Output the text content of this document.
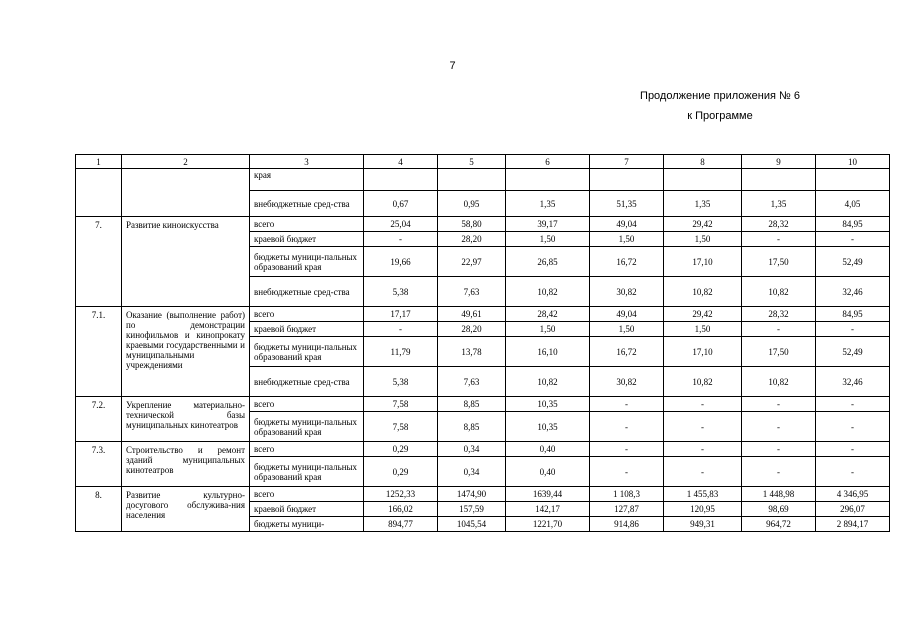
7
Продолжение приложения № 6
к Программе
1	2	3	4	5	6	7	8	9	10
		края							
		внебюджетные сред-ства	0,67	0,95	1,35	51,35	1,35	1,35	4,05
7.	Развитие киноискусства	всего	25,04	58,80	39,17	49,04	29,42	28,32	84,95
		краевой бюджет	-	28,20	1,50	1,50	1,50	-	-
		бюджеты муници-пальных образований края	19,66	22,97	26,85	16,72	17,10	17,50	52,49
		внебюджетные сред-ства	5,38	7,63	10,82	30,82	10,82	10,82	32,46
7.1.	Оказание (выполнение работ) по демонстрации кинофильмов и кинопрокату краевыми государственными и муниципальными учреждениями	всего	17,17	49,61	28,42	49,04	29,42	28,32	84,95
		краевой бюджет	-	28,20	1,50	1,50	1,50	-	-
		бюджеты муници-пальных образований края	11,79	13,78	16,10	16,72	17,10	17,50	52,49
		внебюджетные сред-ства	5,38	7,63	10,82	30,82	10,82	10,82	32,46
7.2.	Укрепление материально-технической базы муниципальных кинотеатров	всего	7,58	8,85	10,35	-	-	-	-
		бюджеты муници-пальных образований края	7,58	8,85	10,35	-	-	-	-
7.3.	Строительство и ремонт зданий муниципальных кинотеатров	всего	0,29	0,34	0,40	-	-	-	-
		бюджеты муници-пальных образований края	0,29	0,34	0,40	-	-	-	-
8.	Развитие культурно-досугового обслужива-ния населения	всего	1252,33	1474,90	1639,44	1 108,3	1 455,83	1 448,98	4 346,95
		краевой бюджет	166,02	157,59	142,17	127,87	120,95	98,69	296,07
		бюджеты муници-	894,77	1045,54	1221,70	914,86	949,31	964,72	2 894,17
